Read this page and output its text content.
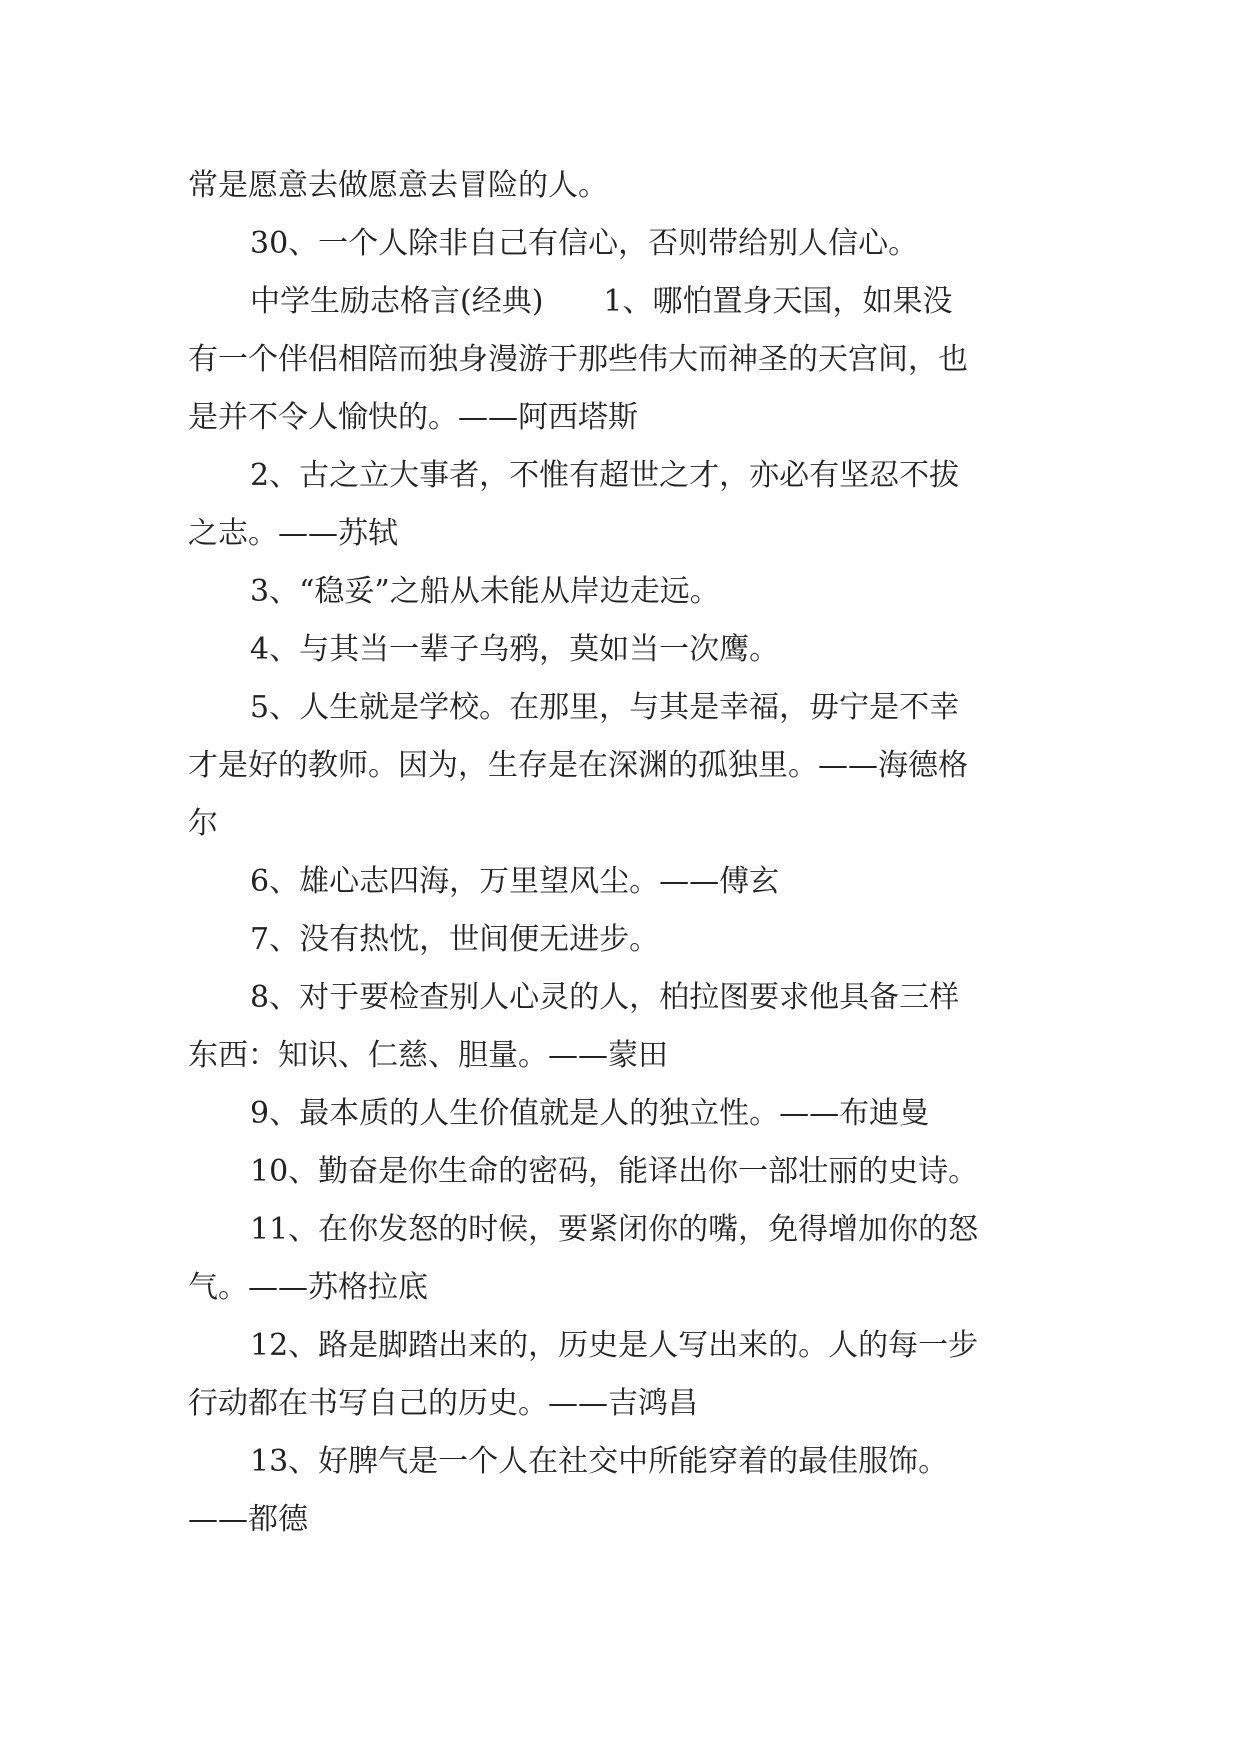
常是愿意去做愿意去冒险的人。
30、一个人除非自己有信心，否则带给别人信心。
中学生励志格言(经典)　　1、哪怕置身天国，如果没
有一个伴侣相陪而独身漫游于那些伟大而神圣的天宫间，也
是并不令人愉快的。——阿西塔斯
2、古之立大事者，不惟有超世之才，亦必有坚忍不拔
之志。——苏轼
3、“稳妥”之船从未能从岸边走远。
4、与其当一辈子乌鸦，莫如当一次鹰。
5、人生就是学校。在那里，与其是幸福，毋宁是不幸
才是好的教师。因为，生存是在深渊的孤独里。——海德格
尔
6、雄心志四海，万里望风尘。——傅玄
7、没有热忱，世间便无进步。
8、对于要检查别人心灵的人，柏拉图要求他具备三样
东西：知识、仁慈、胆量。——蒙田
9、最本质的人生价值就是人的独立性。——布迪曼
10、勤奋是你生命的密码，能译出你一部壮丽的史诗。
11、在你发怒的时候，要紧闭你的嘴，免得增加你的怒
气。——苏格拉底
12、路是脚踏出来的，历史是人写出来的。人的每一步
行动都在书写自己的历史。——吉鸿昌
13、好脾气是一个人在社交中所能穿着的最佳服饰。
——都德
